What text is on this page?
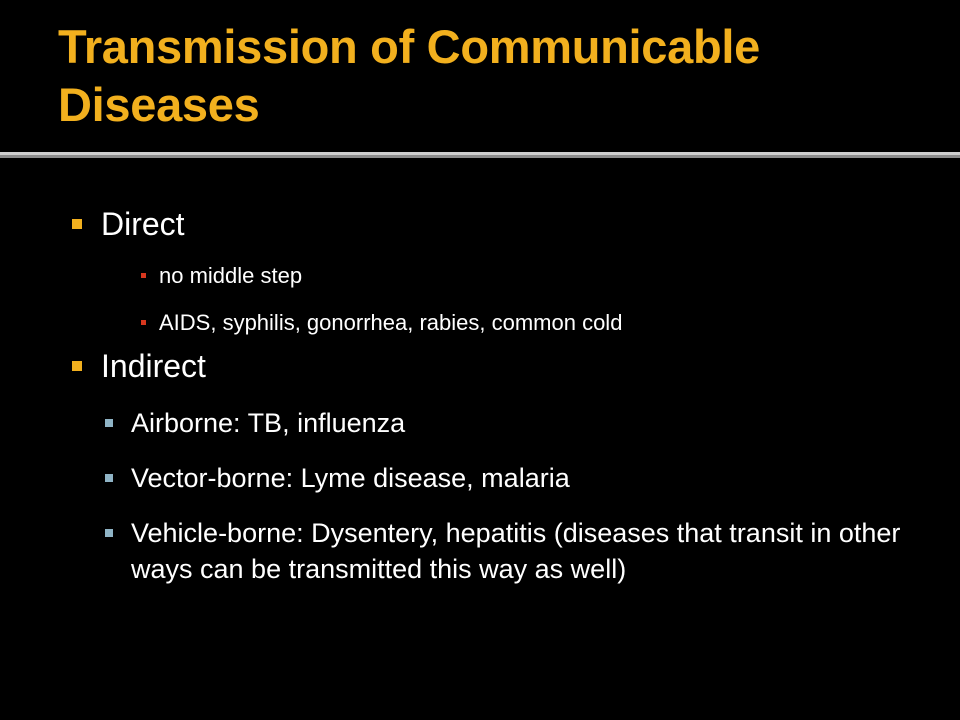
Transmission of Communicable Diseases
Direct
no middle step
AIDS, syphilis, gonorrhea, rabies, common cold
Indirect
Airborne: TB, influenza
Vector-borne: Lyme disease, malaria
Vehicle-borne: Dysentery, hepatitis (diseases that transit in other ways can be transmitted this way as well)
